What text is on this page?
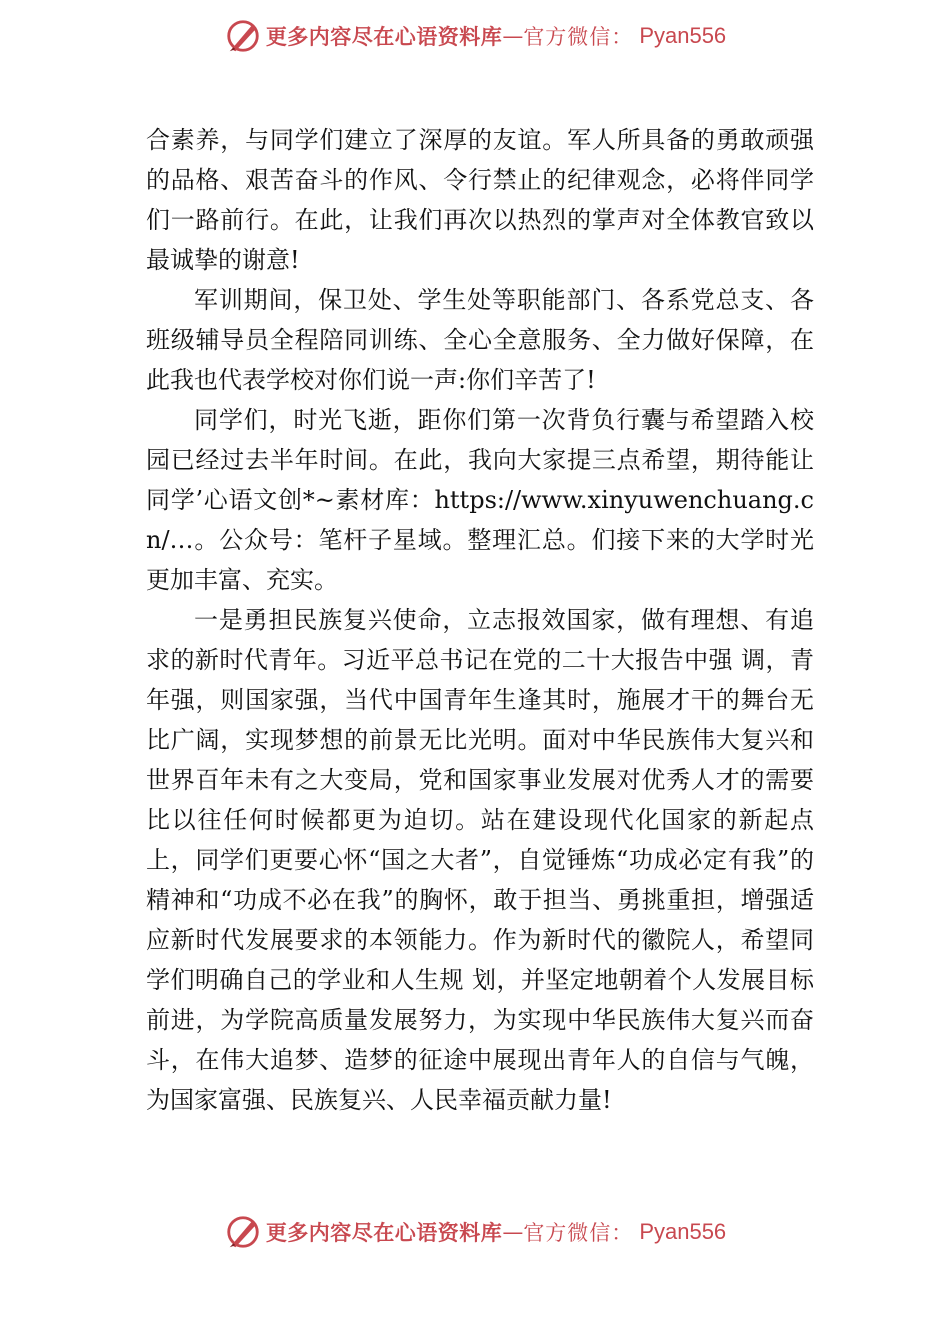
更多内容尽在心语资料库 — 官方微信： Pyan556

合素养，与同学们建立了深厚的友谊。军人所具备的勇敢顽强的品格、艰苦奋斗的作风、令行禁止的纪律观念，必将伴同学们一路前行。在此，让我们再次以热烈的掌声对全体教官致以最诚挚的谢意!

军训期间，保卫处、学生处等职能部门、各系党总支、各班级辅导员全程陪同训练、全心全意服务、全力做好保障，在此我也代表学校对你们说一声:你们辛苦了!

同学们，时光飞逝，距你们第一次背负行囊与希望踏入校园已经过去半年时间。在此，我向大家提三点希望，期待能让同学’心语文创*~素材库：https://www.xinyuwenchuang.cn/…。公众号：笔杆子星域。整理汇总。们接下来的大学时光更加丰富、充实。

一是勇担民族复兴使命，立志报效国家，做有理想、有追求的新时代青年。习近平总书记在党的二十大报告中强 调，青年强，则国家强，当代中国青年生逢其时，施展才干的舞台无比广阔，实现梦想的前景无比光明。面对中华民族伟大复兴和世界百年未有之大变局，党和国家事业发展对优秀人才的需要比以往任何时候都更为迫切。站在建设现代化国家的新起点上，同学们更要心怀“国之大者”，自觉锤炼“功成必定有我”的精神和“功成不必在我”的胸怀，敢于担当、勇挑重担，增强适应新时代发展要求的本领能力。作为新时代的徽院人，希望同学们明确自己的学业和人生规 划，并坚定地朝着个人发展目标前进，为学院高质量发展努力，为实现中华民族伟大复兴而奋斗，在伟大追梦、造梦的征途中展现出青年人的自信与气魄，为国家富强、民族复兴、人民幸福贡献力量!

更多内容尽在心语资料库 — 官方微信： Pyan556
